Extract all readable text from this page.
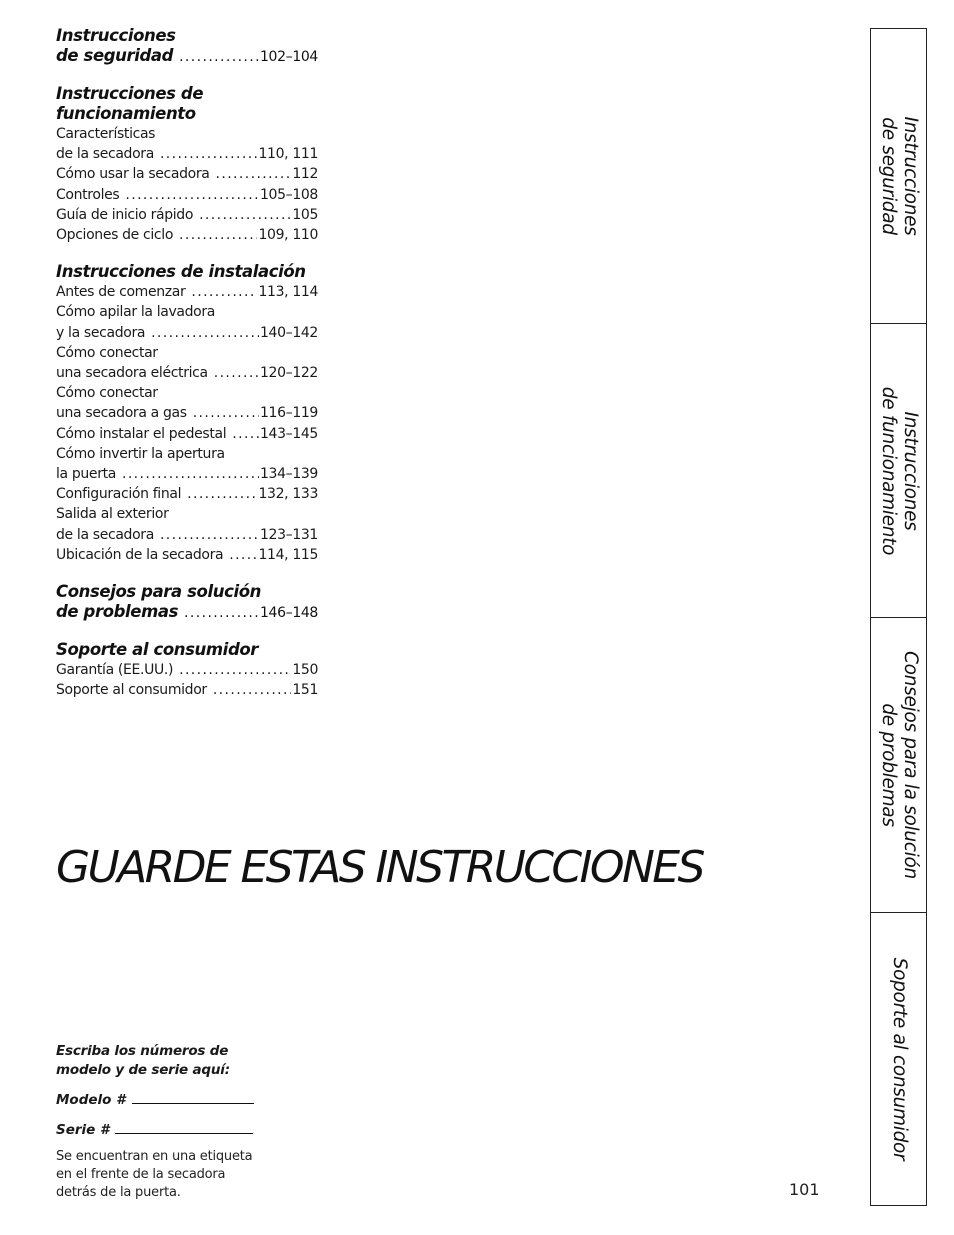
Instrucciones
de seguridad .....	102–104
Instrucciones de funcionamiento
Características
de la secadora .....	110, 111
Cómo usar la secadora .....	112
Controles .....	105–108
Guía de inicio rápido .....	105
Opciones de ciclo .....	109, 110
Instrucciones de instalación
Antes de comenzar .....	113, 114
Cómo apilar la lavadora
y la secadora .....	140–142
Cómo conectar
una secadora eléctrica .....	120–122
Cómo conectar
una secadora a gas .....	116–119
Cómo instalar el pedestal ..... 143–145
Cómo invertir la apertura
la puerta .....	134–139
Configuración final .....	132, 133
Salida al exterior
de la secadora .....	123–131
Ubicación de la secadora .....	114, 115
Consejos para solución
de problemas .....	146–148
Soporte al consumidor
Garantía (EE.UU.) .....	150
Soporte al consumidor .....	151
GUARDE ESTAS INSTRUCCIONES
Escriba los números de
modelo y de serie aquí:
Modelo #
Serie #
Se encuentran en una etiqueta
en el frente de la secadora
detrás de la puerta.	101
Instrucciones
de seguridad
Instrucciones
de funcionamiento
Consejos para la solución
de problemas
Soporte al consumidor
